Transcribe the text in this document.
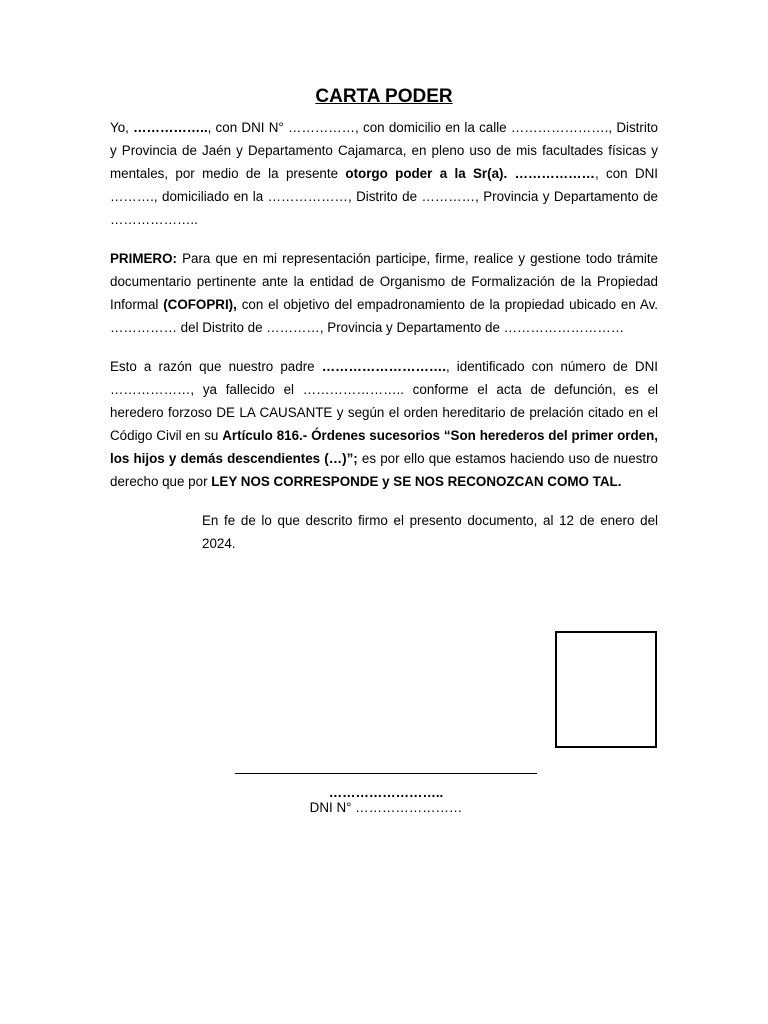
CARTA PODER

Yo, …………….., con DNI N° ……………, con domicilio en la calle …………………., Distrito y Provincia de Jaén y Departamento Cajamarca, en pleno uso de mis facultades físicas y mentales, por medio de la presente otorgo poder a la Sr(a). ………………, con DNI ………., domiciliado en la ………………, Distrito de …………, Provincia y Departamento de ………………..

PRIMERO: Para que en mi representación participe, firme, realice y gestione todo trámite documentario pertinente ante la entidad de Organismo de Formalización de la Propiedad Informal (COFOPRI), con el objetivo del empadronamiento de la propiedad ubicado en Av. …………… del Distrito de …………, Provincia y Departamento de ………………………

Esto a razón que nuestro padre ………………………., identificado con número de DNI ………………, ya fallecido el ………………….. conforme el acta de defunción, es el heredero forzoso DE LA CAUSANTE y según el orden hereditario de prelación citado en el Código Civil en su Artículo 816.- Órdenes sucesorios “Son herederos del primer orden, los hijos y demás descendientes (…)”; es por ello que estamos haciendo uso de nuestro derecho que por LEY NOS CORRESPONDE y SE NOS RECONOZCAN COMO TAL.

En fe de lo que descrito firmo el presento documento, al 12 de enero del 2024.

……………………..
DNI N° ……………………
